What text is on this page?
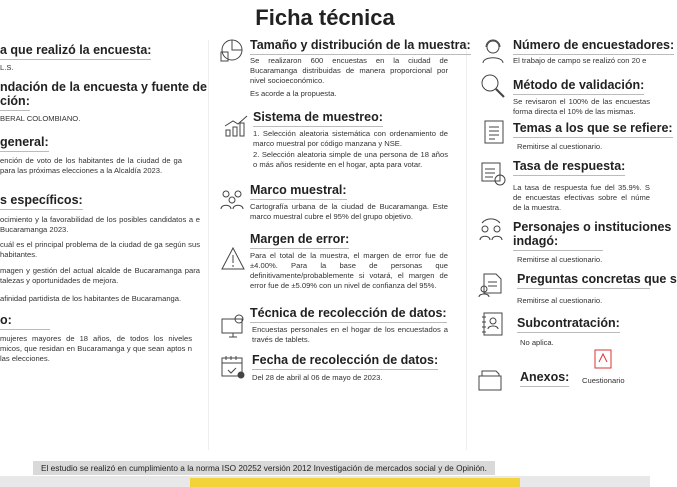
Ficha técnica
a que realizó la encuesta:
L.S.
ndación de la encuesta y fuente de
ción:
BERAL COLOMBIANO.
general:
ención de voto de los habitantes de la ciudad de ga para las próximas elecciones a la Alcaldía 2023.
s específicos:
ocimiento y la favorabilidad de los posibles candidatos a e Bucaramanga 2023.
cuál es el principal problema de la ciudad de ga según sus habitantes.
magen y gestión del actual alcalde de Bucaramanga para talezas y oportunidades de mejora.
afinidad partidista de los habitantes de Bucaramanga.
o:
mujeres mayores de 18 años, de todos los niveles micos, que residan en Bucaramanga y que sean aptos n las elecciones.
Tamaño y distribución de la muestra:
Se realizaron 600 encuestas en la ciudad de Bucaramanga distribuidas de manera proporcional por nivel socioeconómico.
Es acorde a la propuesta.
Sistema de muestreo:
1. Selección aleatoria sistemática con ordenamiento de marco muestral por código manzana y NSE.
2. Selección aleatoria simple de una persona de 18 años o más años residente en el hogar, apta para votar.
Marco muestral:
Cartografía urbana de la ciudad de Bucaramanga. Este marco muestral cubre el 95% del grupo objetivo.
Margen de error:
Para el total de la muestra, el margen de error fue de ±4.00%. Para la base de personas que definitivamente/probablemente si votará, el margen de error fue de ±5.09% con un nivel de confianza del 95%.
Técnica de recolección de datos:
Encuestas personales en el hogar de los encuestados a través de tablets.
Fecha de recolección de datos:
Del 28 de abril al 06 de mayo de 2023.
Número de encuestadores:
El trabajo de campo se realizó con 20 e
Método de validación:
Se revisaron el 100% de las encuestas forma directa el 10% de las mismas.
Temas a los que se refiere:
Remitirse al cuestionario.
Tasa de respuesta:
La tasa de respuesta fue del 35.9%. S de encuestas efectivas sobre el núme de la muestra.
Personajes o instituciones
indagó:
Remitirse al cuestionario.
Preguntas concretas que s
Remitirse al cuestionario.
Subcontratación:
No aplica.
Anexos: Cuestionario
El estudio se realizó en cumplimiento a la norma ISO 20252 versión 2012 Investigación de mercados social y de Opinión.
